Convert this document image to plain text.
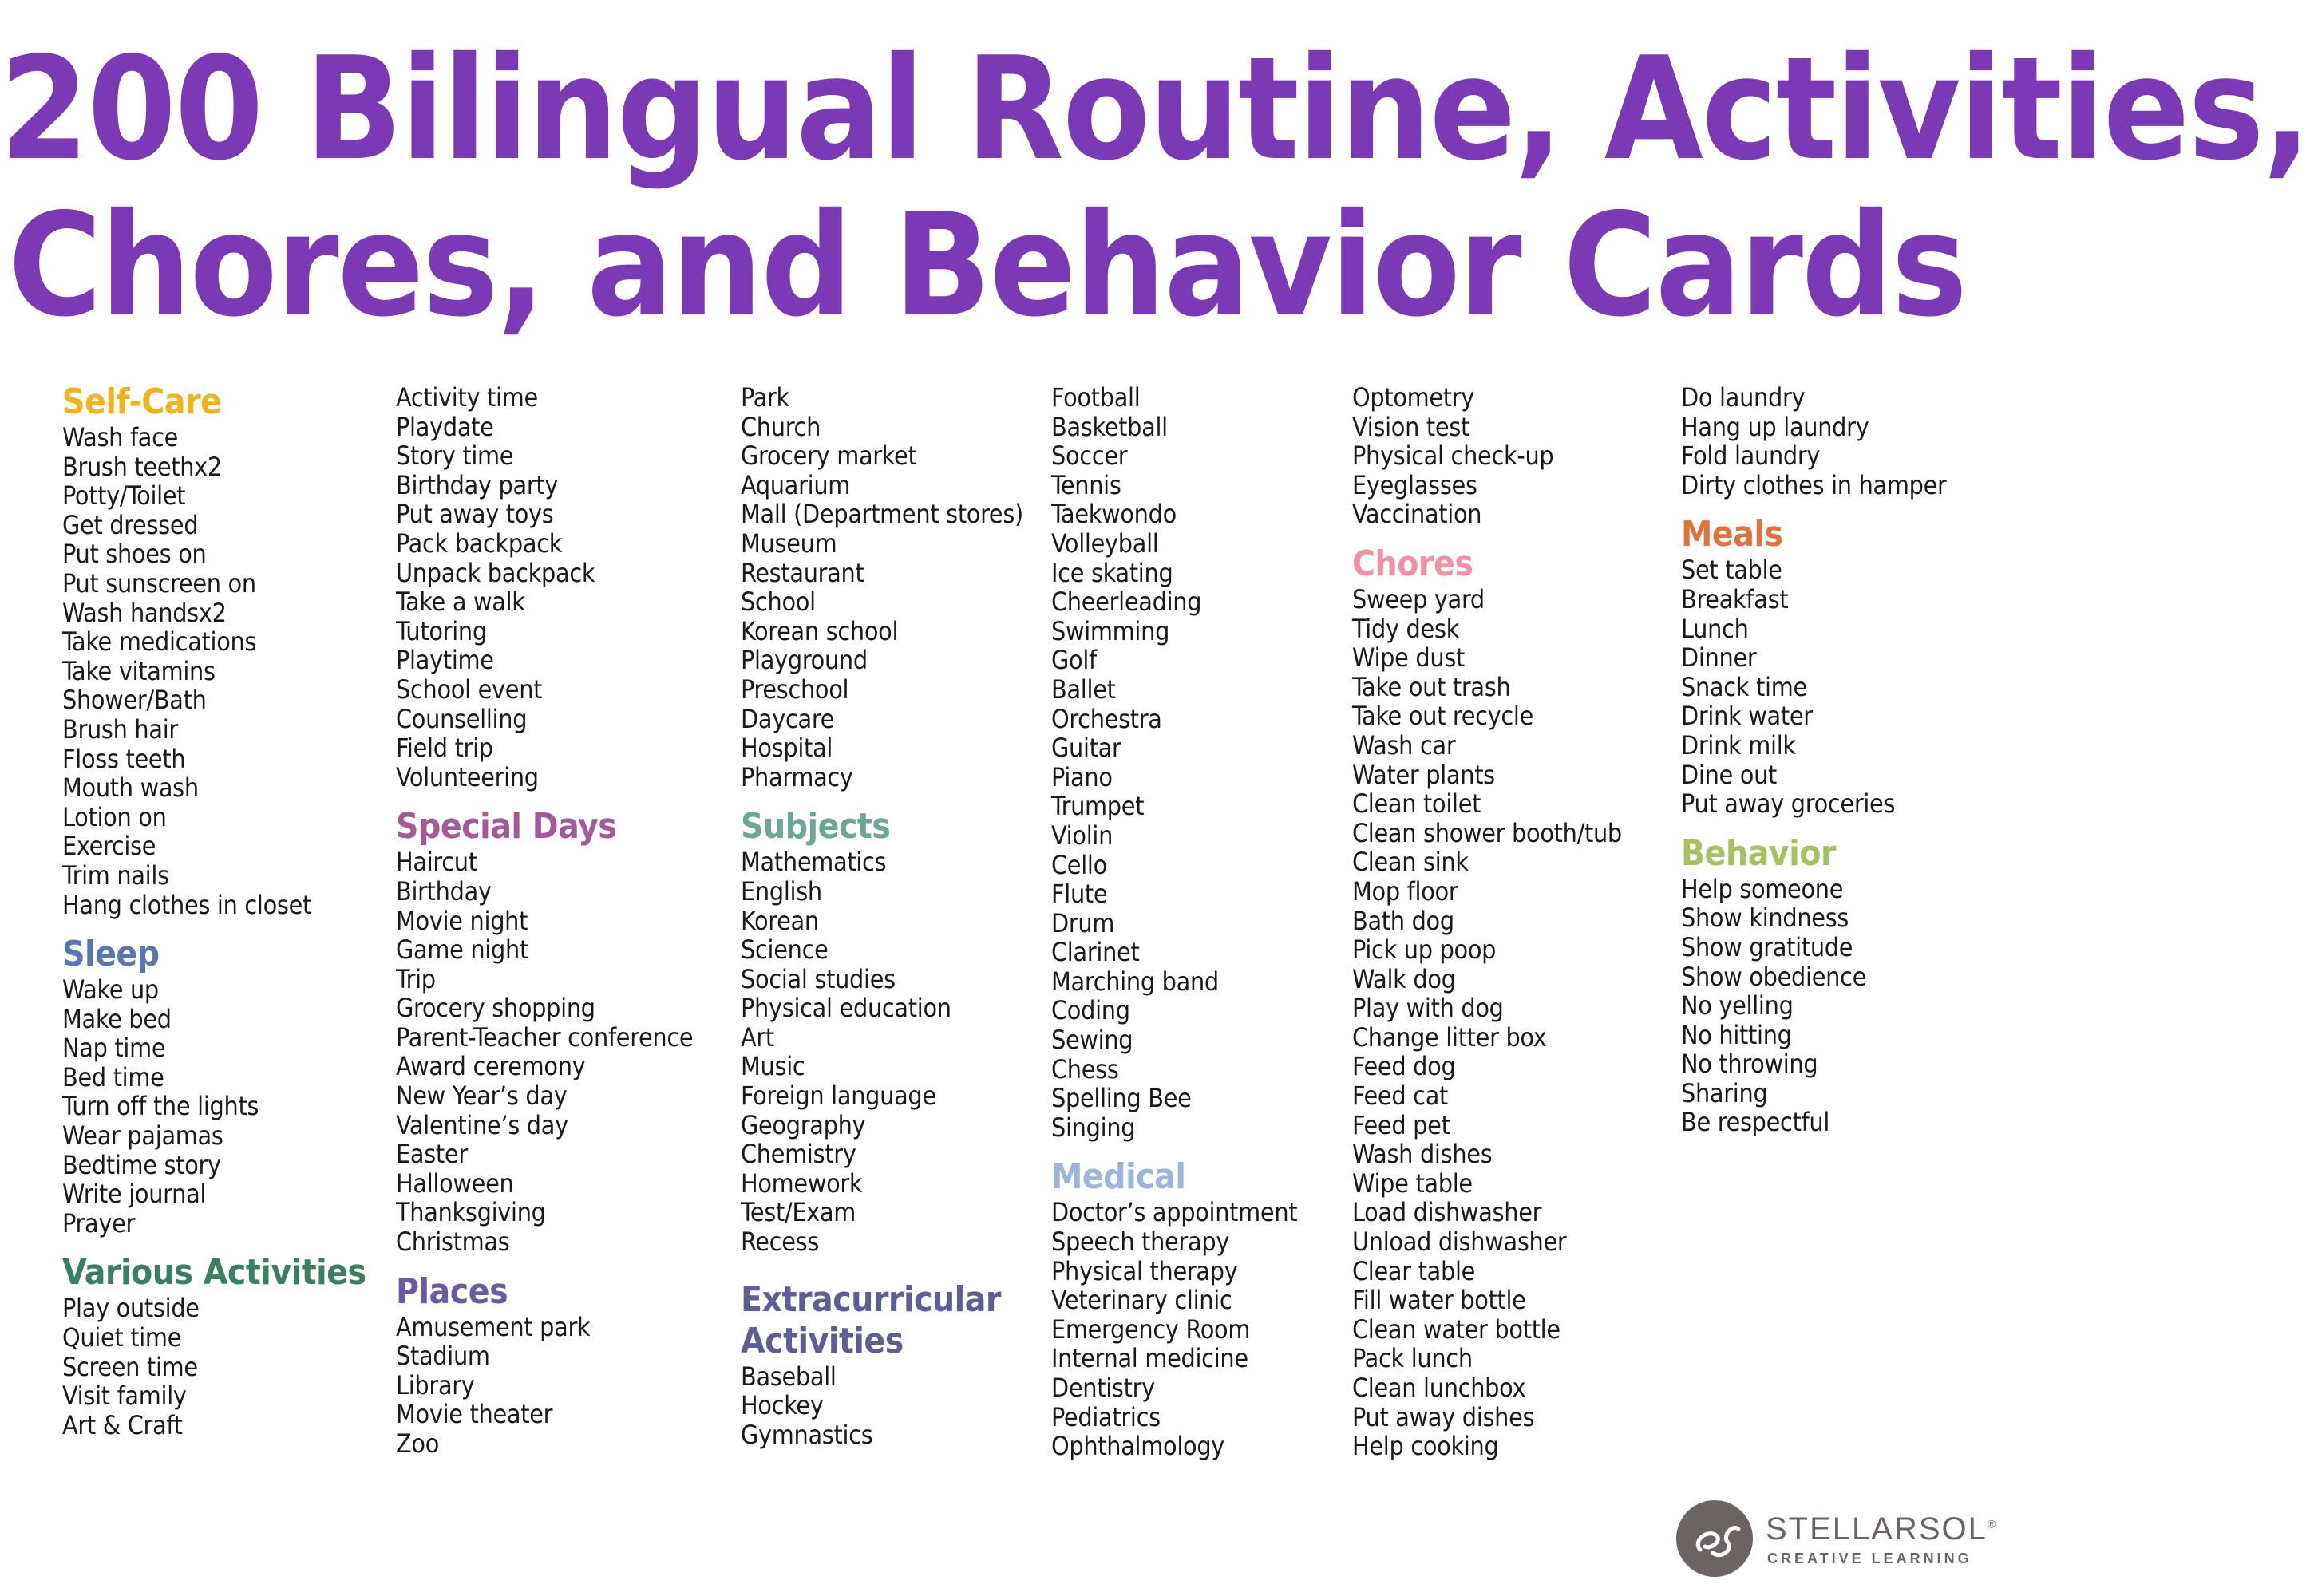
200 Bilingual Routine, Activities,
Chores, and Behavior Cards
Self-Care
Wash face
Brush teethx2
Potty/Toilet
Get dressed
Put shoes on
Put sunscreen on
Wash handsx2
Take medications
Take vitamins
Shower/Bath
Brush hair
Floss teeth
Mouth wash
Lotion on
Exercise
Trim nails
Hang clothes in closet
Sleep
Wake up
Make bed
Nap time
Bed time
Turn off the lights
Wear pajamas
Bedtime story
Write journal
Prayer
Various Activities
Play outside
Quiet time
Screen time
Visit family
Art & Craft
Activity time
Playdate
Story time
Birthday party
Put away toys
Pack backpack
Unpack backpack
Take a walk
Tutoring
Playtime
School event
Counselling
Field trip
Volunteering
Special Days
Haircut
Birthday
Movie night
Game night
Trip
Grocery shopping
Parent-Teacher conference
Award ceremony
New Year’s day
Valentine’s day
Easter
Halloween
Thanksgiving
Christmas
Places
Amusement park
Stadium
Library
Movie theater
Zoo
Park
Church
Grocery market
Aquarium
Mall (Department stores)
Museum
Restaurant
School
Korean school
Playground
Preschool
Daycare
Hospital
Pharmacy
Subjects
Mathematics
English
Korean
Science
Social studies
Physical education
Art
Music
Foreign language
Geography
Chemistry
Homework
Test/Exam
Recess
Extracurricular
Activities
Baseball
Hockey
Gymnastics
Football
Basketball
Soccer
Tennis
Taekwondo
Volleyball
Ice skating
Cheerleading
Swimming
Golf
Ballet
Orchestra
Guitar
Piano
Trumpet
Violin
Cello
Flute
Drum
Clarinet
Marching band
Coding
Sewing
Chess
Spelling Bee
Singing
Medical
Doctor’s appointment
Speech therapy
Physical therapy
Veterinary clinic
Emergency Room
Internal medicine
Dentistry
Pediatrics
Ophthalmology
Optometry
Vision test
Physical check-up
Eyeglasses
Vaccination
Chores
Sweep yard
Tidy desk
Wipe dust
Take out trash
Take out recycle
Wash car
Water plants
Clean toilet
Clean shower booth/tub
Clean sink
Mop floor
Bath dog
Pick up poop
Walk dog
Play with dog
Change litter box
Feed dog
Feed cat
Feed pet
Wash dishes
Wipe table
Load dishwasher
Unload dishwasher
Clear table
Fill water bottle
Clean water bottle
Pack lunch
Clean lunchbox
Put away dishes
Help cooking
Do laundry
Hang up laundry
Fold laundry
Dirty clothes in hamper
Meals
Set table
Breakfast
Lunch
Dinner
Snack time
Drink water
Drink milk
Dine out
Put away groceries
Behavior
Help someone
Show kindness
Show gratitude
Show obedience
No yelling
No hitting
No throwing
Sharing
Be respectful
STELLARSOL®
CREATIVE LEARNING
